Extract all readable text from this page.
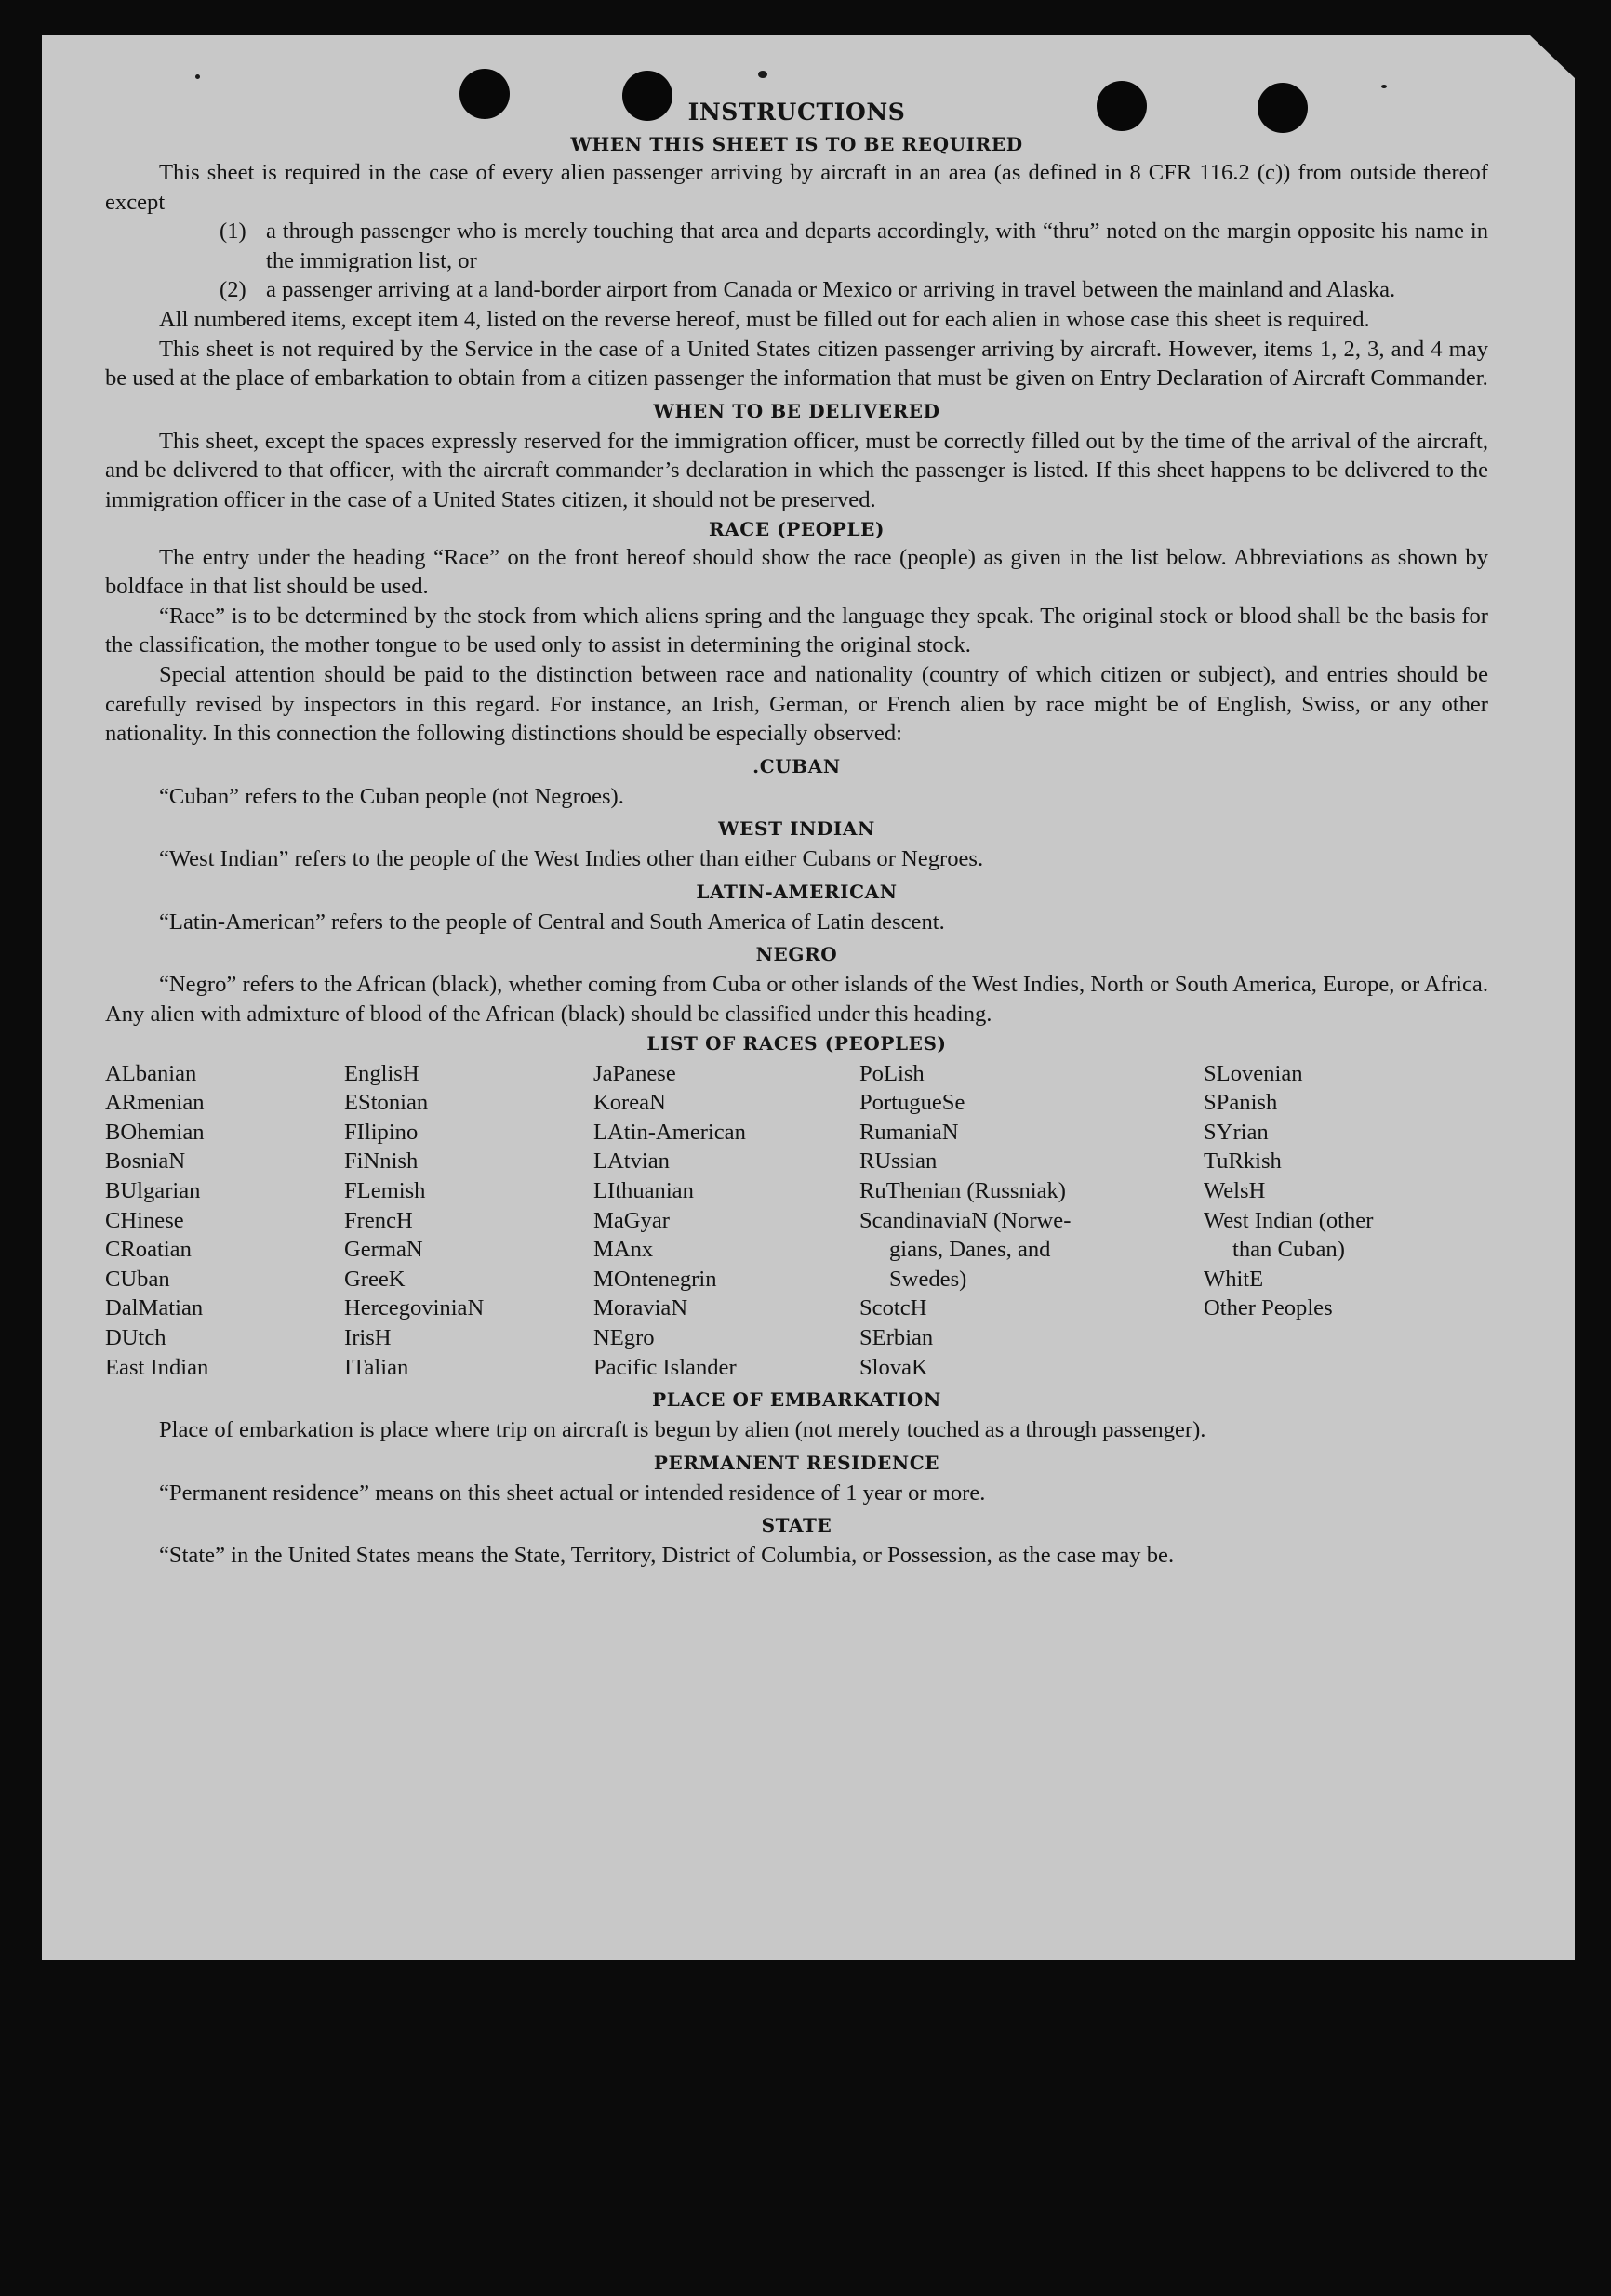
INSTRUCTIONS
WHEN THIS SHEET IS TO BE REQUIRED

This sheet is required in the case of every alien passenger arriving by aircraft in an area (as defined in 8 CFR 116.2 (c)) from outside thereof except

(1) a through passenger who is merely touching that area and departs accordingly, with “thru” noted on the margin opposite his name in the immigration list, or

(2) a passenger arriving at a land-border airport from Canada or Mexico or arriving in travel between the mainland and Alaska.

All numbered items, except item 4, listed on the reverse hereof, must be filled out for each alien in whose case this sheet is required.

This sheet is not required by the Service in the case of a United States citizen passenger arriving by aircraft. However, items 1, 2, 3, and 4 may be used at the place of embarkation to obtain from a citizen passenger the information that must be given on Entry Declaration of Aircraft Commander.

WHEN TO BE DELIVERED

This sheet, except the spaces expressly reserved for the immigration officer, must be correctly filled out by the time of the arrival of the aircraft, and be delivered to that officer, with the aircraft commander’s declaration in which the passenger is listed. If this sheet happens to be delivered to the immigration officer in the case of a United States citizen, it should not be preserved.

RACE (PEOPLE)

The entry under the heading “Race” on the front hereof should show the race (people) as given in the list below. Abbreviations as shown by boldface in that list should be used.

“Race” is to be determined by the stock from which aliens spring and the language they speak. The original stock or blood shall be the basis for the classification, the mother tongue to be used only to assist in determining the original stock.

Special attention should be paid to the distinction between race and nationality (country of which citizen or subject), and entries should be carefully revised by inspectors in this regard. For instance, an Irish, German, or French alien by race might be of English, Swiss, or any other nationality. In this connection the following distinctions should be especially observed:

.CUBAN

“Cuban” refers to the Cuban people (not Negroes).

WEST INDIAN

“West Indian” refers to the people of the West Indies other than either Cubans or Negroes.

LATIN-AMERICAN

“Latin-American” refers to the people of Central and South America of Latin descent.

NEGRO

“Negro” refers to the African (black), whether coming from Cuba or other islands of the West Indies, North or South America, Europe, or Africa. Any alien with admixture of blood of the African (black) should be classified under this heading.

LIST OF RACES (PEOPLES)
ALbanian
ARmenian
BOhemian
BosniaN
BUlgarian
CHinese
CRoatian
CUban
DalMatian
DUtch
East Indian
EnglisH
EStonian
FIlipino
FiNnish
FLemish
FrencH
GermaN
GreeK
HercegoviniaN
IrisH
ITalian
JaPanese
KoreaN
LAtin-American
LAtvian
LIthuanian
MaGyar
MAnx
MOntenegrin
MoraviaN
NEgro
Pacific Islander
PoLish
PortugueSe
RumaniaN
RUssian
RuThenian (Russniak)
ScandinaviaN (Norwe-
gians, Danes, and
Swedes)
ScotcH
SErbian
SlovaK
SLovenian
SPanish
SYrian
TuRkish
WelsH
West Indian (other
than Cuban)
WhitE
Other Peoples
PLACE OF EMBARKATION

Place of embarkation is place where trip on aircraft is begun by alien (not merely touched as a through passenger).

PERMANENT RESIDENCE

“Permanent residence” means on this sheet actual or intended residence of 1 year or more.

STATE

“State” in the United States means the State, Territory, District of Columbia, or Possession, as the case may be.
